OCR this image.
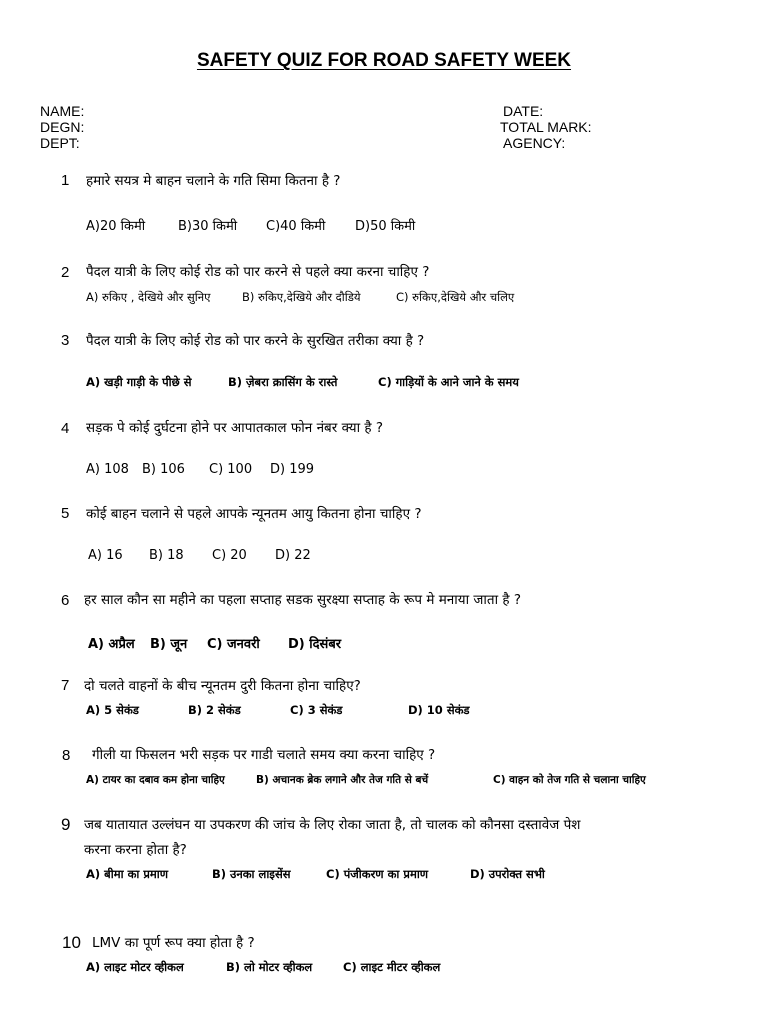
SAFETY QUIZ FOR ROAD SAFETY WEEK
NAME:
DEGN:
DEPT:
DATE:
TOTAL MARK:
AGENCY:
1 हमारे सयत्र मे बाहन चलाने के गति सिमा कितना है ?
A)20 किमी	B)30 किमी C)40 किमी D)50 किमी
2 पैदल यात्री के लिए कोई रोड को पार करने से पहले क्या करना चाहिए ?
A) रुकिए , देखिये और सुनिए	B) रुकिए,देखिये और दौडिये	C) रुकिए,देखिये और चलिए
3 पैदल यात्री के लिए कोई रोड को पार करने के सुरखित तरीका क्या है ?
A) खड़ी गाड़ी के पीछे से	B) ज़ेबरा क्रासिंग के रास्ते	C) गाड़ियों के आने जाने के समय
4 सड़क पे कोई दुर्घटना होने पर आपातकाल फोन नंबर क्या है ?
A) 108 B) 106 C) 100 D) 199
5 कोई बाहन चलाने से पहले आपके न्यूनतम आयु कितना होना चाहिए ?
A) 16 B) 18 C) 20 D) 22
6 हर साल कौन सा महीने का पहला सप्ताह सडक सुरक्ष्या सप्ताह के रूप मे मनाया जाता है ?
A) अप्रैल B) जून C) जनवरी D) दिसंबर
7 दो चलते वाहनों के बीच न्यूनतम दुरी कितना होना चाहिए?
A) 5 सेकंड	B) 2 सेकंड	C) 3 सेकंड	D) 10 सेकंड
8 गीली या फिसलन भरी सड़क पर गाडी चलाते समय क्या करना चाहिए ?
A) टायर का दबाव कम होना चाहिए	B) अचानक ब्रेक लगाने और तेज गति से बचें	C) वाहन को तेज गति से चलाना चाहिए
9 जब यातायात उल्लंघन या उपकरण की जांच के लिए रोका जाता है, तो चालक को कौनसा दस्तावेज पेश
करना करना होता है?
A) बीमा का प्रमाण	B) उनका लाइसेंस	C) पंजीकरण का प्रमाण	D) उपरोक्त सभी
10 LMV का पूर्ण रूप क्या होता है ?
A) लाइट मोटर व्हीकल	B) लो मोटर व्हीकल	C) लाइट मीटर व्हीकल
